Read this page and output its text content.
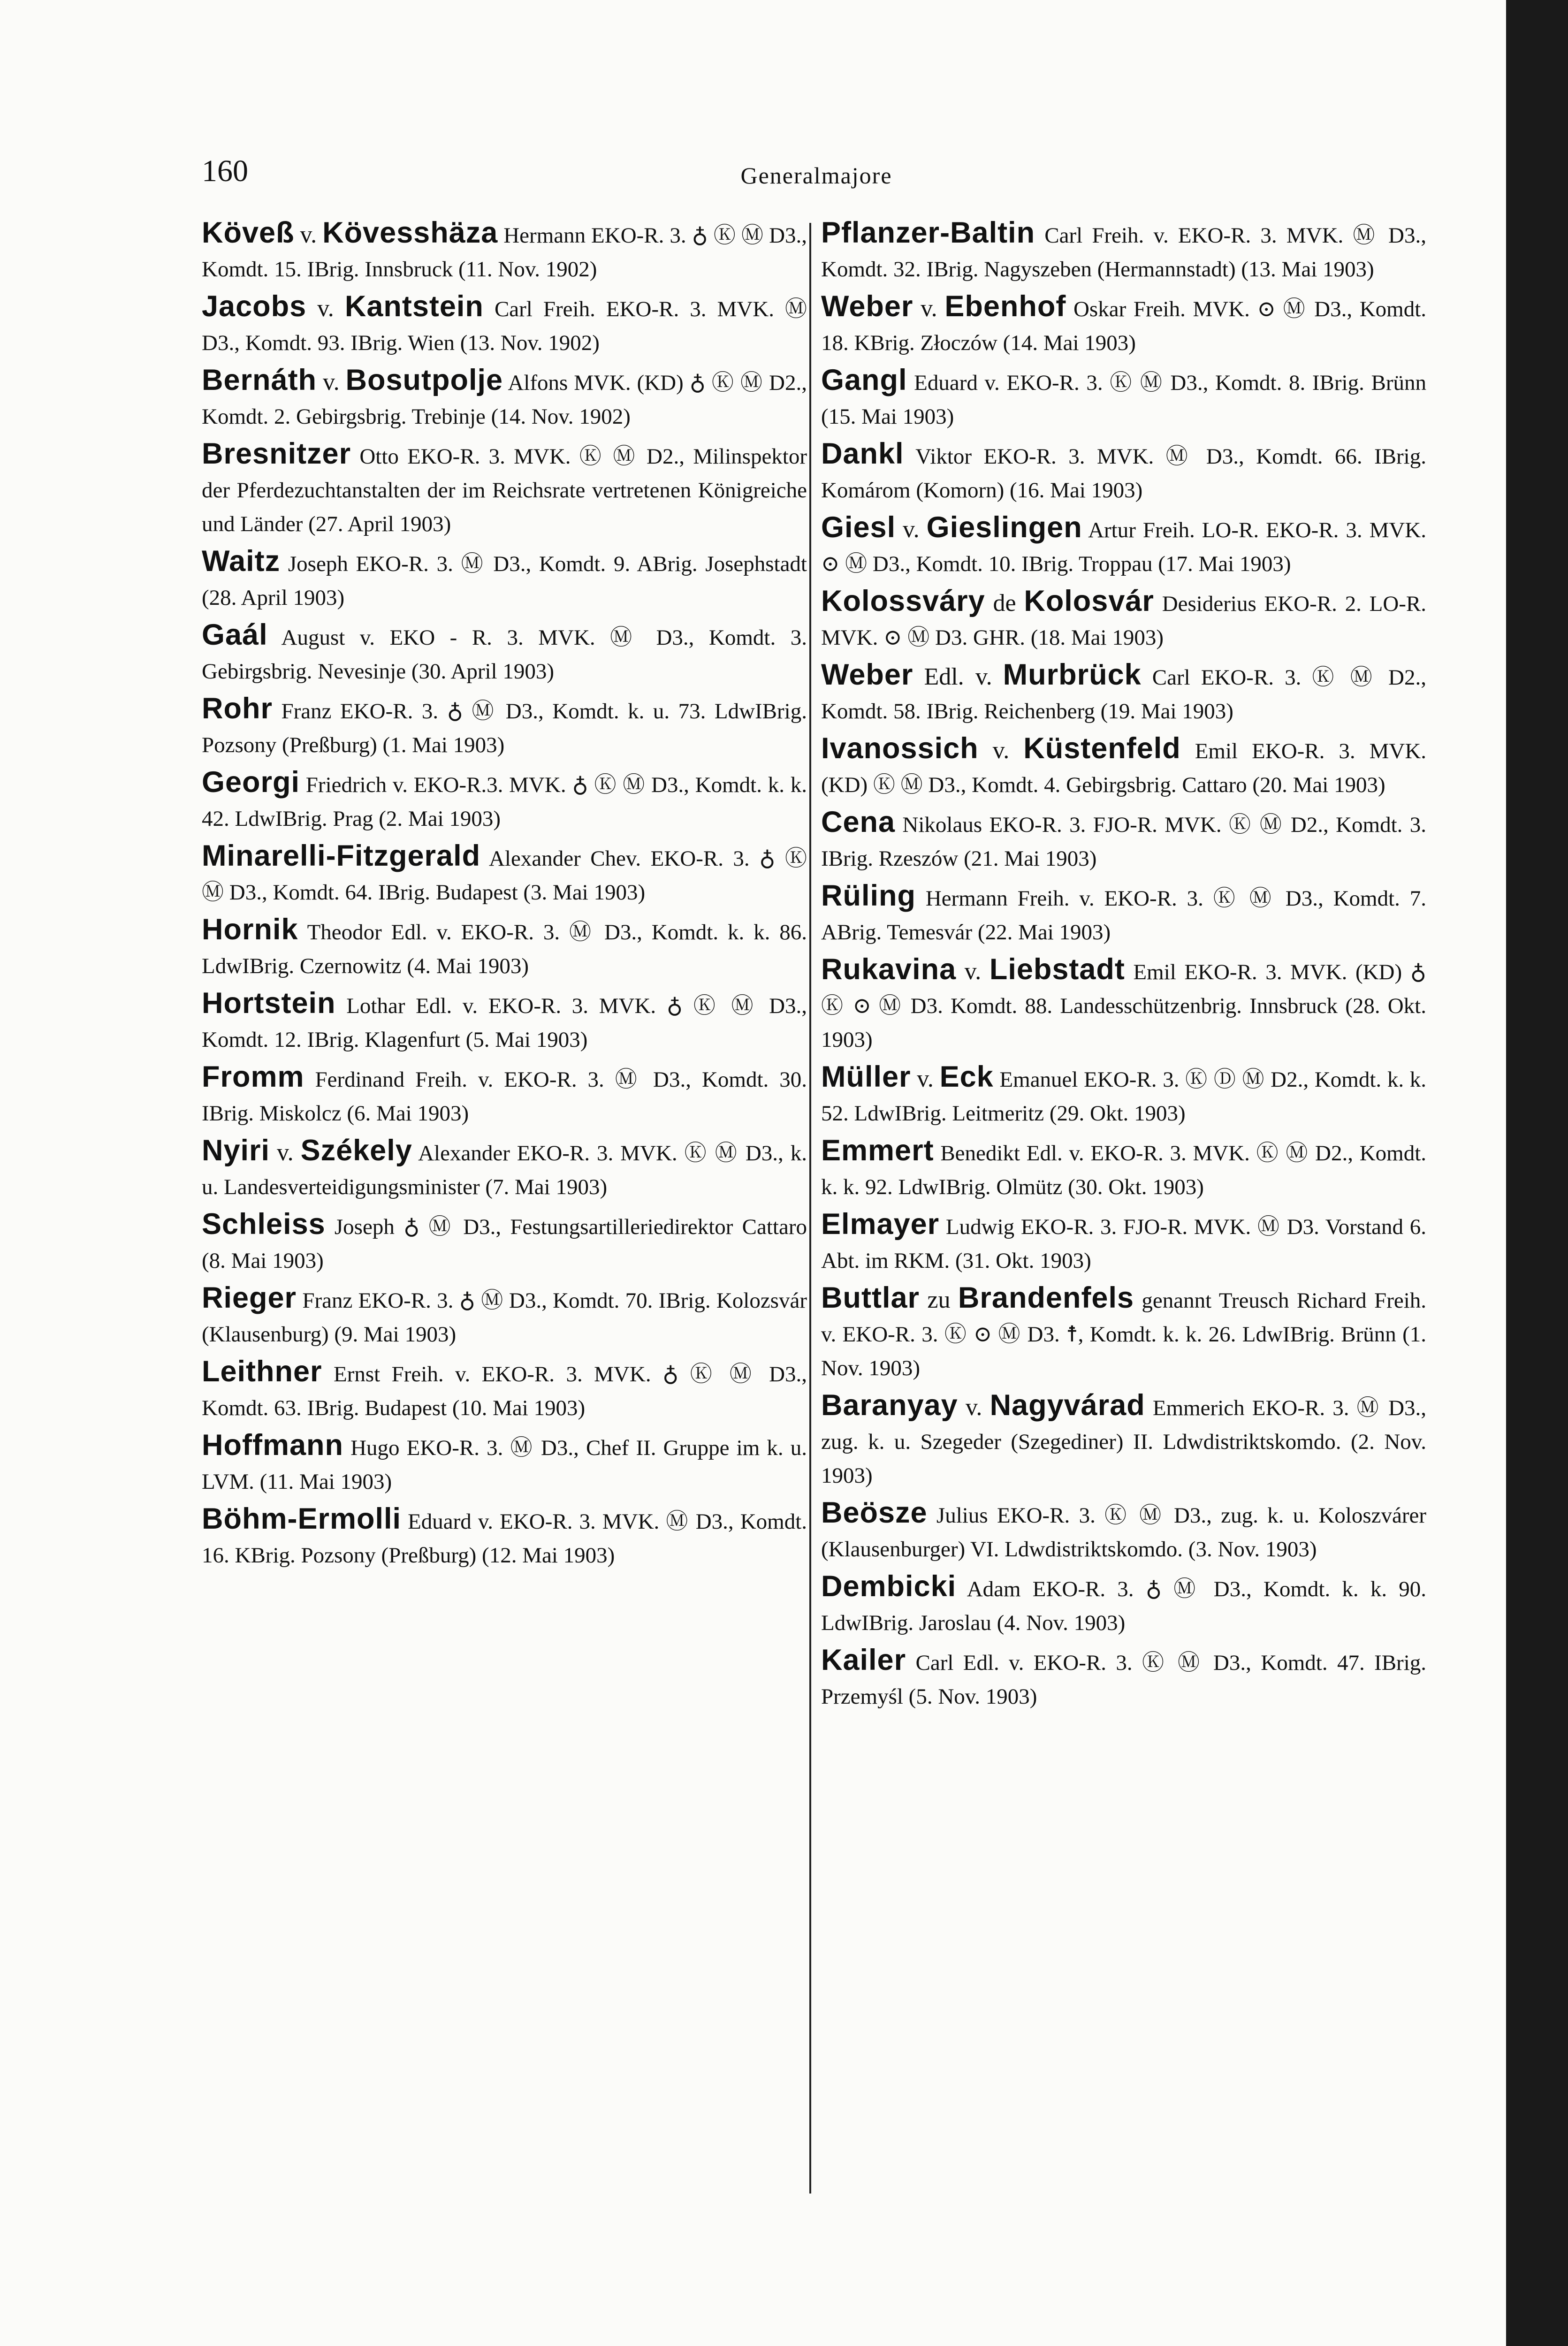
160	Generalmajore

Köveß v. Kövesshäza Hermann EKO-R. 3. ♁ Ⓚ Ⓜ D3., Komdt. 15. IBrig. Innsbruck (11. Nov. 1902)

Jacobs v. Kantstein Carl Freih. EKO-R. 3. MVK. Ⓜ D3., Komdt. 93. IBrig. Wien (13. Nov. 1902)

Bernáth v. Bosutpolje Alfons MVK. (KD) ♁ Ⓚ Ⓜ D2., Komdt. 2. Gebirgsbrig. Trebinje (14. Nov. 1902)

Bresnitzer Otto EKO-R. 3. MVK. Ⓚ Ⓜ D2., Milinspektor der Pferdezuchtanstalten der im Reichsrate vertretenen Königreiche und Länder (27. April 1903)

Waitz Joseph EKO-R. 3. Ⓜ D3., Komdt. 9. ABrig. Josephstadt (28. April 1903)

Gaál August v. EKO - R. 3. MVK. Ⓜ D3., Komdt. 3. Gebirgsbrig. Nevesinje (30. April 1903)

Rohr Franz EKO-R. 3. ♁ Ⓜ D3., Komdt. k. u. 73. LdwIBrig. Pozsony (Preßburg) (1. Mai 1903)

Georgi Friedrich v. EKO-R.3. MVK. ♁ Ⓚ Ⓜ D3., Komdt. k. k. 42. LdwIBrig. Prag (2. Mai 1903)

Minarelli-Fitzgerald Alexander Chev. EKO-R. 3. ♁ Ⓚ Ⓜ D3., Komdt. 64. IBrig. Budapest (3. Mai 1903)

Hornik Theodor Edl. v. EKO-R. 3. Ⓜ D3., Komdt. k. k. 86. LdwIBrig. Czernowitz (4. Mai 1903)

Hortstein Lothar Edl. v. EKO-R. 3. MVK. ♁ Ⓚ Ⓜ D3., Komdt. 12. IBrig. Klagenfurt (5. Mai 1903)

Fromm Ferdinand Freih. v. EKO-R. 3. Ⓜ D3., Komdt. 30. IBrig. Miskolcz (6. Mai 1903)

Nyiri v. Székely Alexander EKO-R. 3. MVK. Ⓚ Ⓜ D3., k. u. Landesverteidigungsminister (7. Mai 1903)

Schleiss Joseph ♁ Ⓜ D3., Festungsartilleriedirektor Cattaro (8. Mai 1903)

Rieger Franz EKO-R. 3. ♁ Ⓜ D3., Komdt. 70. IBrig. Kolozsvár (Klausenburg) (9. Mai 1903)

Leithner Ernst Freih. v. EKO-R. 3. MVK. ♁ Ⓚ Ⓜ D3., Komdt. 63. IBrig. Budapest (10. Mai 1903)

Hoffmann Hugo EKO-R. 3. Ⓜ D3., Chef II. Gruppe im k. u. LVM. (11. Mai 1903)

Böhm-Ermolli Eduard v. EKO-R. 3. MVK. Ⓜ D3., Komdt. 16. KBrig. Pozsony (Preßburg) (12. Mai 1903)

Pflanzer-Baltin Carl Freih. v. EKO-R. 3. MVK. Ⓜ D3., Komdt. 32. IBrig. Nagyszeben (Hermannstadt) (13. Mai 1903)

Weber v. Ebenhof Oskar Freih. MVK. ⊙ Ⓜ D3., Komdt. 18. KBrig. Złoczów (14. Mai 1903)

Gangl Eduard v. EKO-R. 3. Ⓚ Ⓜ D3., Komdt. 8. IBrig. Brünn (15. Mai 1903)

Dankl Viktor EKO-R. 3. MVK. Ⓜ D3., Komdt. 66. IBrig. Komárom (Komorn) (16. Mai 1903)

Giesl v. Gieslingen Artur Freih. LO-R. EKO-R. 3. MVK. ⊙ Ⓜ D3., Komdt. 10. IBrig. Troppau (17. Mai 1903)

Kolossváry de Kolosvár Desiderius EKO-R. 2. LO-R. MVK. ⊙ Ⓜ D3. GHR. (18. Mai 1903)

Weber Edl. v. Murbrück Carl EKO-R. 3. Ⓚ Ⓜ D2., Komdt. 58. IBrig. Reichenberg (19. Mai 1903)

Ivanossich v. Küstenfeld Emil EKO-R. 3. MVK. (KD) Ⓚ Ⓜ D3., Komdt. 4. Gebirgsbrig. Cattaro (20. Mai 1903)

Cena Nikolaus EKO-R. 3. FJO-R. MVK. Ⓚ Ⓜ D2., Komdt. 3. IBrig. Rzeszów (21. Mai 1903)

Rüling Hermann Freih. v. EKO-R. 3. Ⓚ Ⓜ D3., Komdt. 7. ABrig. Temesvár (22. Mai 1903)

Rukavina v. Liebstadt Emil EKO-R. 3. MVK. (KD) ♁ Ⓚ ⊙ Ⓜ D3. Komdt. 88. Landesschützenbrig. Innsbruck (28. Okt. 1903)

Müller v. Eck Emanuel EKO-R. 3. Ⓚ Ⓓ Ⓜ D2., Komdt. k. k. 52. LdwIBrig. Leitmeritz (29. Okt. 1903)

Emmert Benedikt Edl. v. EKO-R. 3. MVK. Ⓚ Ⓜ D2., Komdt. k. k. 92. LdwIBrig. Olmütz (30. Okt. 1903)

Elmayer Ludwig EKO-R. 3. FJO-R. MVK. Ⓜ D3. Vorstand 6. Abt. im RKM. (31. Okt. 1903)

Buttlar zu Brandenfels genannt Treusch Richard Freih. v. EKO-R. 3. Ⓚ ⊙ Ⓜ D3. ☨, Komdt. k. k. 26. LdwIBrig. Brünn (1. Nov. 1903)

Baranyay v. Nagyvárad Emmerich EKO-R. 3. Ⓜ D3., zug. k. u. Szegeder (Szegediner) II. Ldwdistriktskomdo. (2. Nov. 1903)

Beösze Julius EKO-R. 3. Ⓚ Ⓜ D3., zug. k. u. Koloszvárer (Klausenburger) VI. Ldwdistriktskomdo. (3. Nov. 1903)

Dembicki Adam EKO-R. 3. ♁ Ⓜ D3., Komdt. k. k. 90. LdwIBrig. Jaroslau (4. Nov. 1903)

Kailer Carl Edl. v. EKO-R. 3. Ⓚ Ⓜ D3., Komdt. 47. IBrig. Przemyśl (5. Nov. 1903)
